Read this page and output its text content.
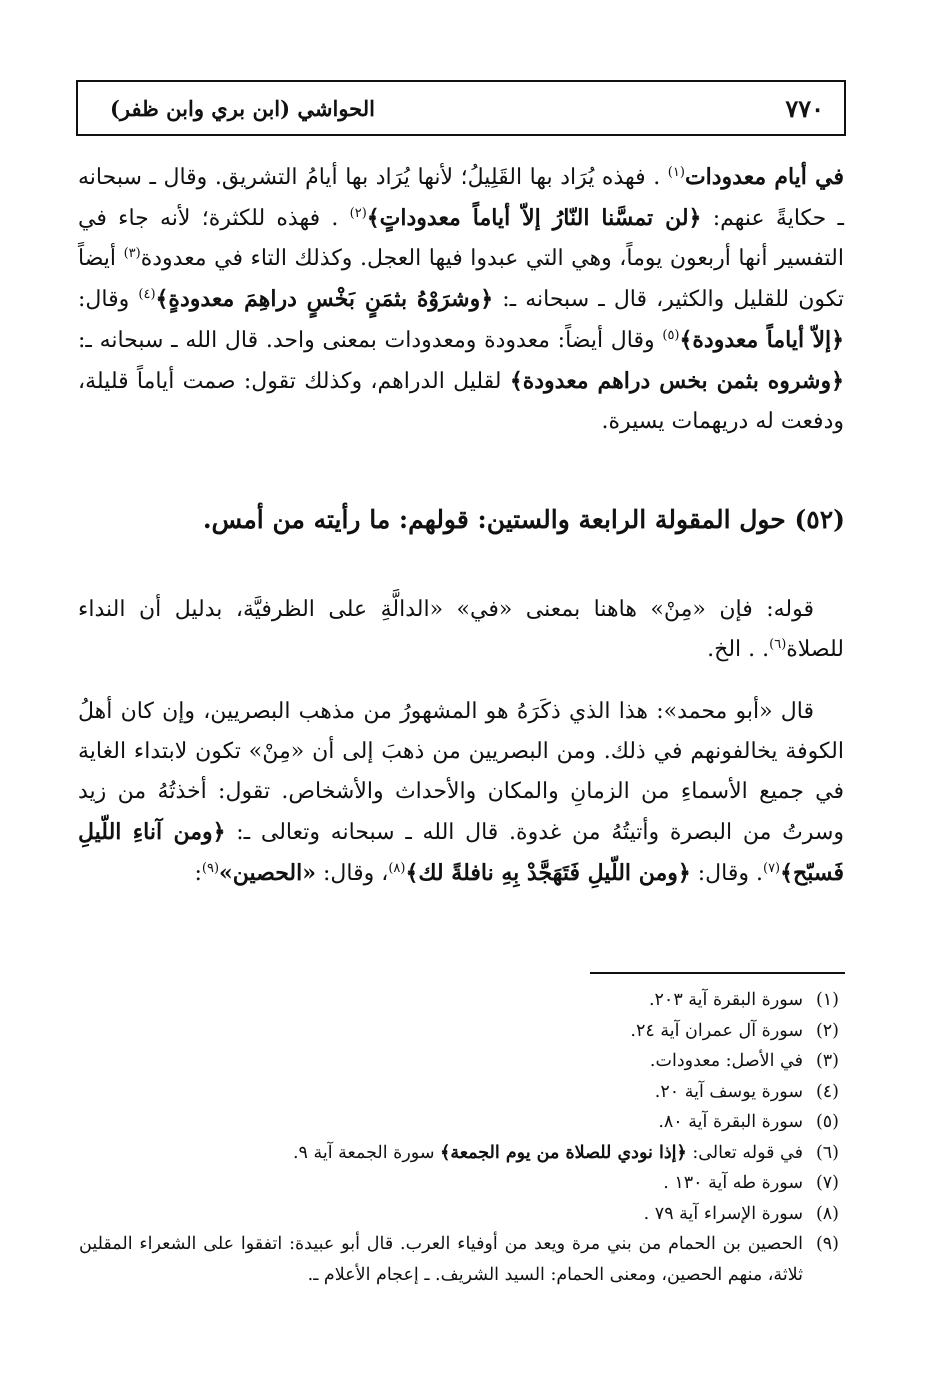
٧٧٠
الحواشي (ابن بري وابن ظفر)

في أيام معدودات$^{(١)}$ . فهذه يُرَاد بها القَلِيلُ؛ لأنها يُرَاد بها أيامُ التشريق. وقال ـ سبحانه ـ حكايةً عنهم: ﴿لن تمسَّنا النّارُ إلاّ أياماً معدوداتٍ﴾$^{(٢)}$ . فهذه للكثرة؛ لأنه جاء في التفسير أنها أربعون يوماً، وهي التي عبدوا فيها العجل. وكذلك التاء في معدودة$^{(٣)}$ أيضاً تكون للقليل والكثير، قال ـ سبحانه ـ: ﴿وشرَوْهُ بثمَنٍ بَخْسٍ دراهِمَ معدودةٍ﴾$^{(٤)}$ وقال: ﴿إلاّ أياماً معدودة﴾$^{(٥)}$ وقال أيضاً: معدودة ومعدودات بمعنى واحد. قال الله ـ سبحانه ـ: ﴿وشروه بثمن بخس دراهم معدودة﴾ لقليل الدراهم، وكذلك تقول: صمت أياماً قليلة، ودفعت له دريهمات يسيرة.

(٥٢) حول المقولة الرابعة والستين: قولهم: ما رأيته من أمس.

قوله: فإن «مِنْ» هاهنا بمعنى «في» «الدالَّةِ على الظرفيَّة، بدليل أن النداء للصلاة$^{(٦)}$. . الخ.

قال «أبو محمد»: هذا الذي ذكَرَهُ هو المشهورُ من مذهب البصريين، وإن كان أهلُ الكوفة يخالفونهم في ذلك. ومن البصريين من ذهبَ إلى أن «مِنْ» تكون لابتداء الغاية في جميع الأسماءِ من الزمانِ والمكان والأحداث والأشخاص. تقول: أخذتُهُ من زيد وسرتُ من البصرة وأتيتُهُ من غدوة. قال الله ـ سبحانه وتعالى ـ: ﴿ومن آناءِ اللّيلِ فَسبّح﴾$^{(٧)}$. وقال: ﴿ومن اللّيلِ فَتَهَجَّدْ بِهِ نافلةً لك﴾$^{(٨)}$، وقال: «الحصين»$^{(٩)}$:

(١)
سورة البقرة آية ٢٠٣.
(٢)
سورة آل عمران آية ٢٤.
(٣)
في الأصل: معدودات.
(٤)
سورة يوسف آية ٢٠.
(٥)
سورة البقرة آية ٨٠.
(٦)
في قوله تعالى: ﴿إذا نودي للصلاة من يوم الجمعة﴾ سورة الجمعة آية ٩.
(٧)
سورة طه آية ١٣٠ .
(٨)
سورة الإسراء آية ٧٩ .
(٩)
الحصين بن الحمام من بني مرة ويعد من أوفياء العرب. قال أبو عبيدة: اتفقوا على الشعراء المقلين ثلاثة، منهم الحصين، ومعنى الحمام: السيد الشريف. ـ إعجام الأعلام ـ.
